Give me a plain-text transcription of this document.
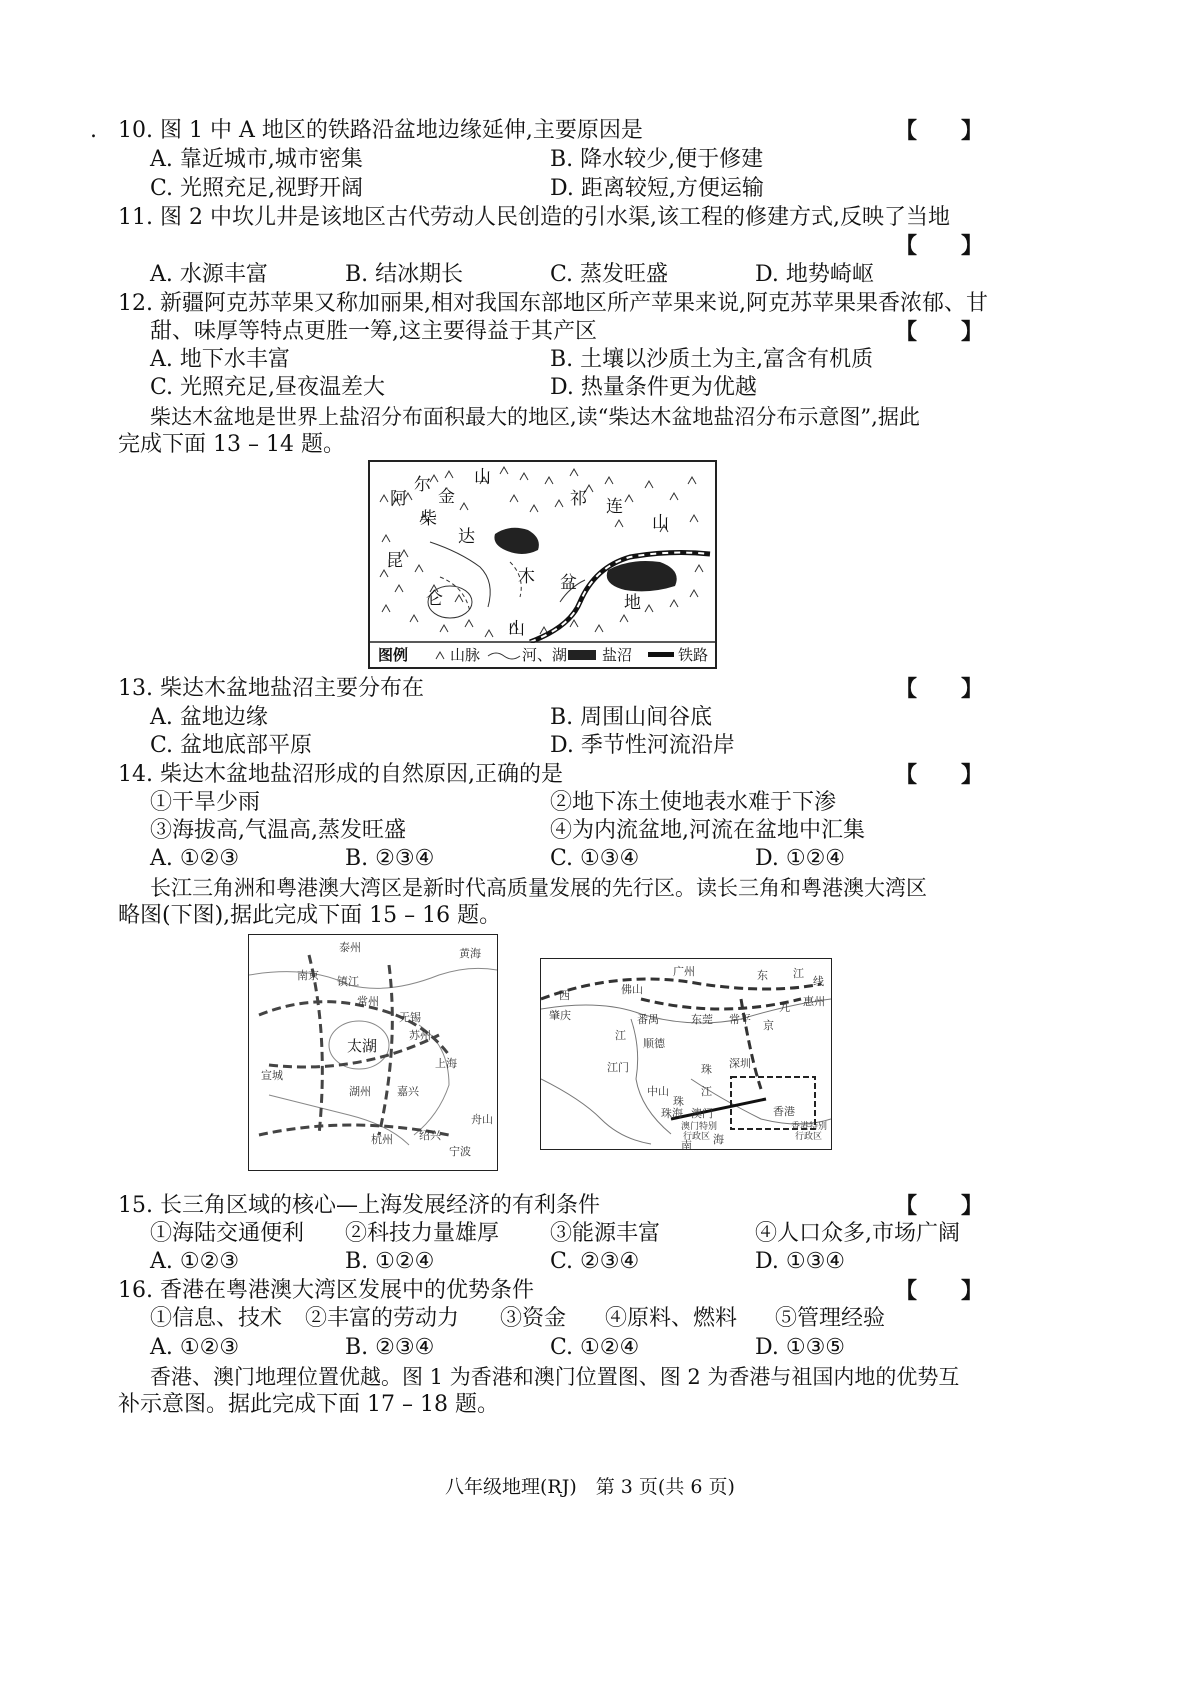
. 10. 图 1 中 A 地区的铁路沿盆地边缘延伸,主要原因是	【　　】
A. 靠近城市,城市密集	B. 降水较少,便于修建
C. 光照充足,视野开阔	D. 距离较短,方便运输
11. 图 2 中坎儿井是该地区古代劳动人民创造的引水渠,该工程的修建方式,反映了当地
【　　】
A. 水源丰富	B. 结冰期长	C. 蒸发旺盛	D. 地势崎岖
12. 新疆阿克苏苹果又称加丽果,相对我国东部地区所产苹果来说,阿克苏苹果果香浓郁、甘
甜、味厚等特点更胜一筹,这主要得益于其产区	【　　】
A. 地下水丰富	B. 土壤以沙质土为主,富含有机质
C. 光照充足,昼夜温差大	D. 热量条件更为优越
柴达木盆地是世界上盐沼分布面积最大的地区,读“柴达木盆地盐沼分布示意图”,据此
完成下面 13 – 14 题。
阿
尔
金
山
祁 连
山
柴
达
昆
木 盆
地
仑
山
图例	山脉	河、湖 盐沼	铁路
13. 柴达木盆地盐沼主要分布在	【　　】
A. 盆地边缘	B. 周围山间谷底
C. 盆地底部平原	D. 季节性河流沿岸
14. 柴达木盆地盐沼形成的自然原因,正确的是	【　　】
①干旱少雨	②地下冻土使地表水难于下渗
③海拔高,气温高,蒸发旺盛	④为内流盆地,河流在盆地中汇集
A. ①②③	B. ②③④	C. ①③④	D. ①②④
长江三角洲和粤港澳大湾区是新时代高质量发展的先行区。读长三角和粤港澳大湾区
略图(下图),据此完成下面 15 – 16 题。
泰州
南京 镇江
常州
无锡
苏州
太湖
宣城
湖州 嘉兴
上海
杭州 绍兴
宁波
黄海
舟山
广州	东 江
线
西	佛山
惠州
肇庆	番禺	东莞 常平
九
京
江
顺德
深圳
江门	珠
中山
珠
江
香港
澳门
珠海
澳门特别
行政区
南 海
香港特别
行政区
15. 长三角区域的核心—上海发展经济的有利条件	【　　】
①海陆交通便利 ②科技力量雄厚 ③能源丰富	④人口众多,市场广阔
A. ①②③	B. ①②④	C. ②③④	D. ①③④
16. 香港在粤港澳大湾区发展中的优势条件	【　　】
①信息、技术 ②丰富的劳动力 ③资金 ④原料、燃料 ⑤管理经验
A. ①②③	B. ②③④	C. ①②④	D. ①③⑤
香港、澳门地理位置优越。图 1 为香港和澳门位置图、图 2 为香港与祖国内地的优势互
补示意图。据此完成下面 17 – 18 题。
八年级地理(RJ)　第 3 页(共 6 页)
